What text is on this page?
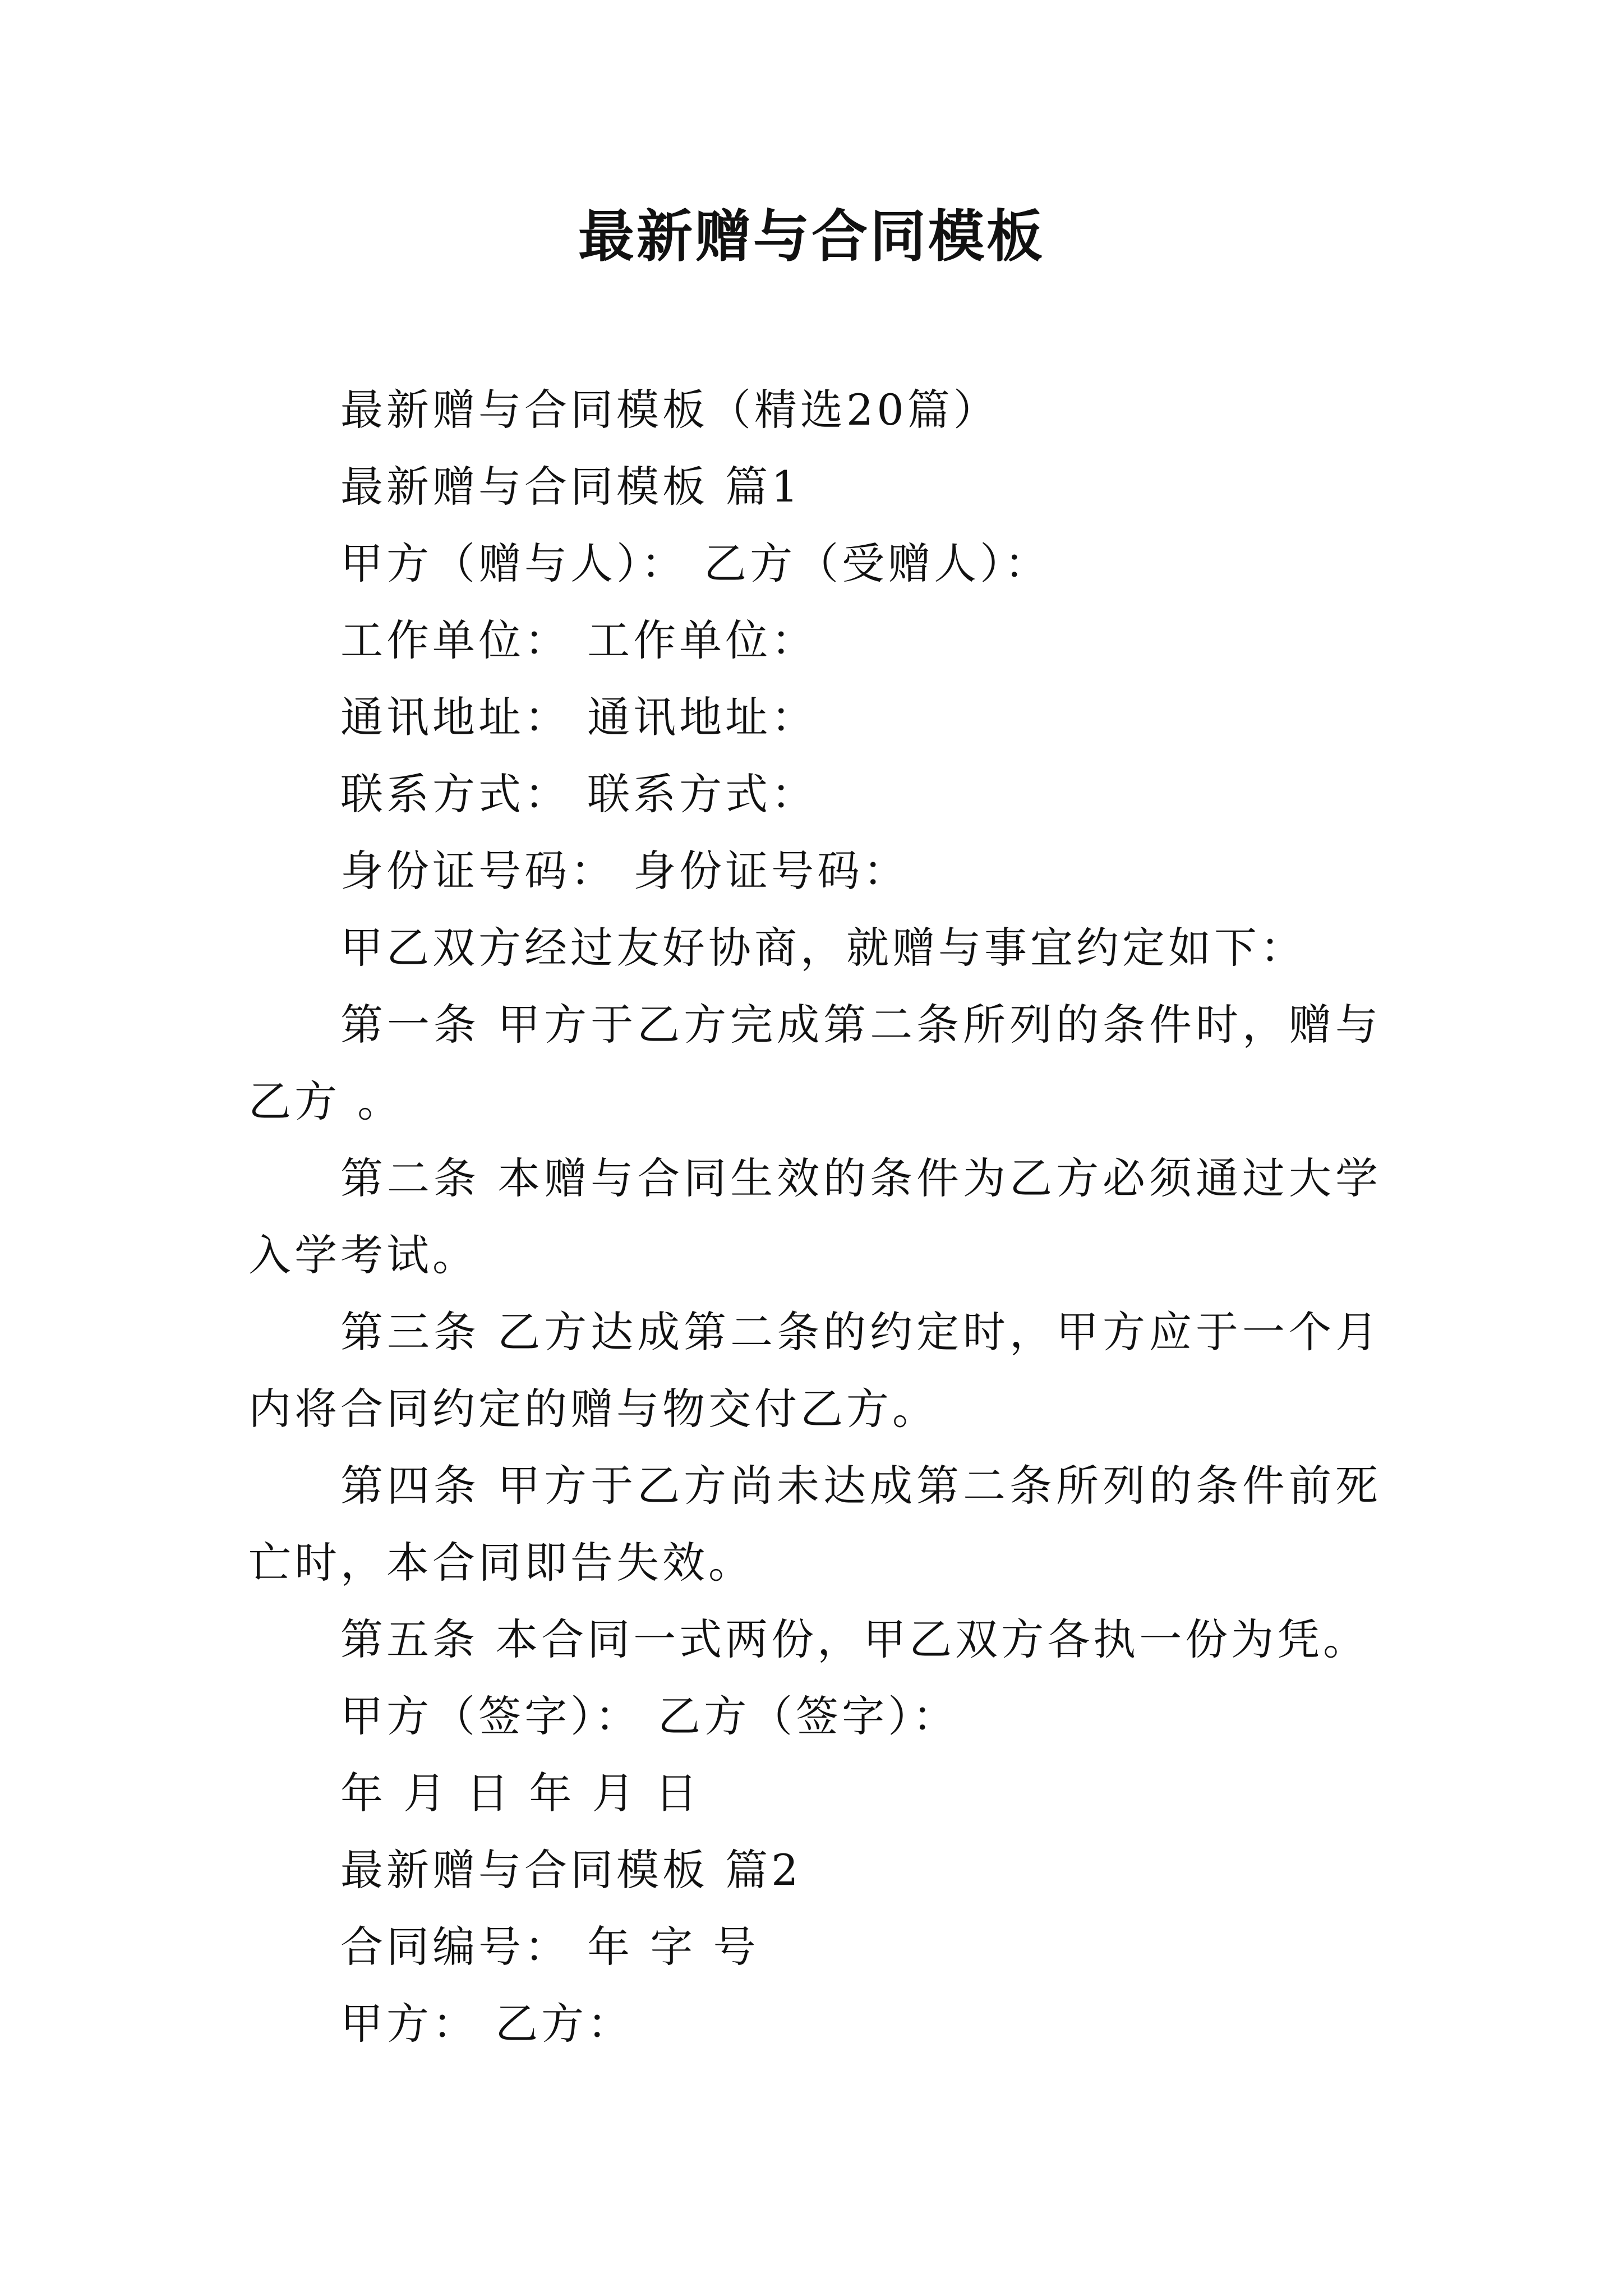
最新赠与合同模板

最新赠与合同模板（精选20篇）

最新赠与合同模板 篇1

甲方（赠与人）： 乙方（受赠人）：

工作单位： 工作单位：

通讯地址： 通讯地址：

联系方式： 联系方式：

身份证号码： 身份证号码：

甲乙双方经过友好协商，就赠与事宜约定如下：

第一条 甲方于乙方完成第二条所列的条件时，赠与乙方 。

第二条 本赠与合同生效的条件为乙方必须通过大学入学考试。

第三条 乙方达成第二条的约定时，甲方应于一个月内将合同约定的赠与物交付乙方。

第四条 甲方于乙方尚未达成第二条所列的条件前死亡时，本合同即告失效。

第五条 本合同一式两份，甲乙双方各执一份为凭。

甲方（签字）： 乙方（签字）：

年 月 日 年 月 日

最新赠与合同模板 篇2

合同编号： 年 字 号

甲方： 乙方：
